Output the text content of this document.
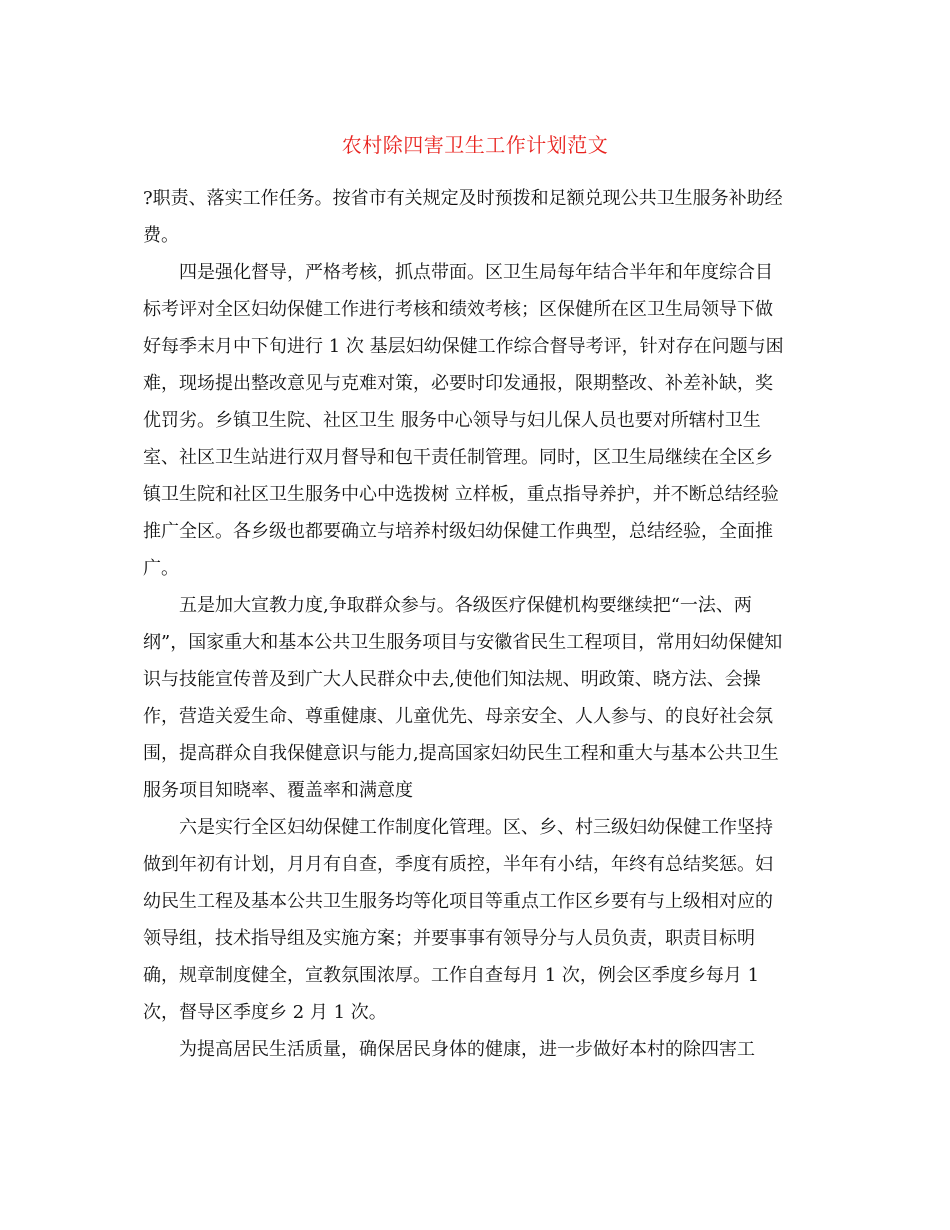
农村除四害卫生工作计划范文
?职责、落实工作任务。按省市有关规定及时预拨和足额兑现公共卫生服务补助经
费。
四是强化督导，严格考核，抓点带面。区卫生局每年结合半年和年度综合目
标考评对全区妇幼保健工作进行考核和绩效考核；区保健所在区卫生局领导下做
好每季末月中下旬进行 1 次 基层妇幼保健工作综合督导考评，针对存在问题与困
难，现场提出整改意见与克难对策，必要时印发通报，限期整改、补差补缺，奖
优罚劣。乡镇卫生院、社区卫生 服务中心领导与妇儿保人员也要对所辖村卫生
室、社区卫生站进行双月督导和包干责任制管理。同时，区卫生局继续在全区乡
镇卫生院和社区卫生服务中心中选拨树 立样板，重点指导养护，并不断总结经验
推广全区。各乡级也都要确立与培养村级妇幼保健工作典型，总结经验，全面推
广。
五是加大宣教力度,争取群众参与。各级医疗保健机构要继续把“一法、两
纲”，国家重大和基本公共卫生服务项目与安徽省民生工程项目，常用妇幼保健知
识与技能宣传普及到广大人民群众中去,使他们知法规、明政策、晓方法、会操
作，营造关爱生命、尊重健康、儿童优先、母亲安全、人人参与、的良好社会氛
围，提高群众自我保健意识与能力,提高国家妇幼民生工程和重大与基本公共卫生
服务项目知晓率、覆盖率和满意度
六是实行全区妇幼保健工作制度化管理。区、乡、村三级妇幼保健工作坚持
做到年初有计划，月月有自查，季度有质控，半年有小结，年终有总结奖惩。妇
幼民生工程及基本公共卫生服务均等化项目等重点工作区乡要有与上级相对应的
领导组，技术指导组及实施方案；并要事事有领导分与人员负责，职责目标明
确，规章制度健全，宣教氛围浓厚。工作自查每月 1 次，例会区季度乡每月 1
次，督导区季度乡 2 月 1 次。
为提高居民生活质量，确保居民身体的健康，进一步做好本村的除四害工
